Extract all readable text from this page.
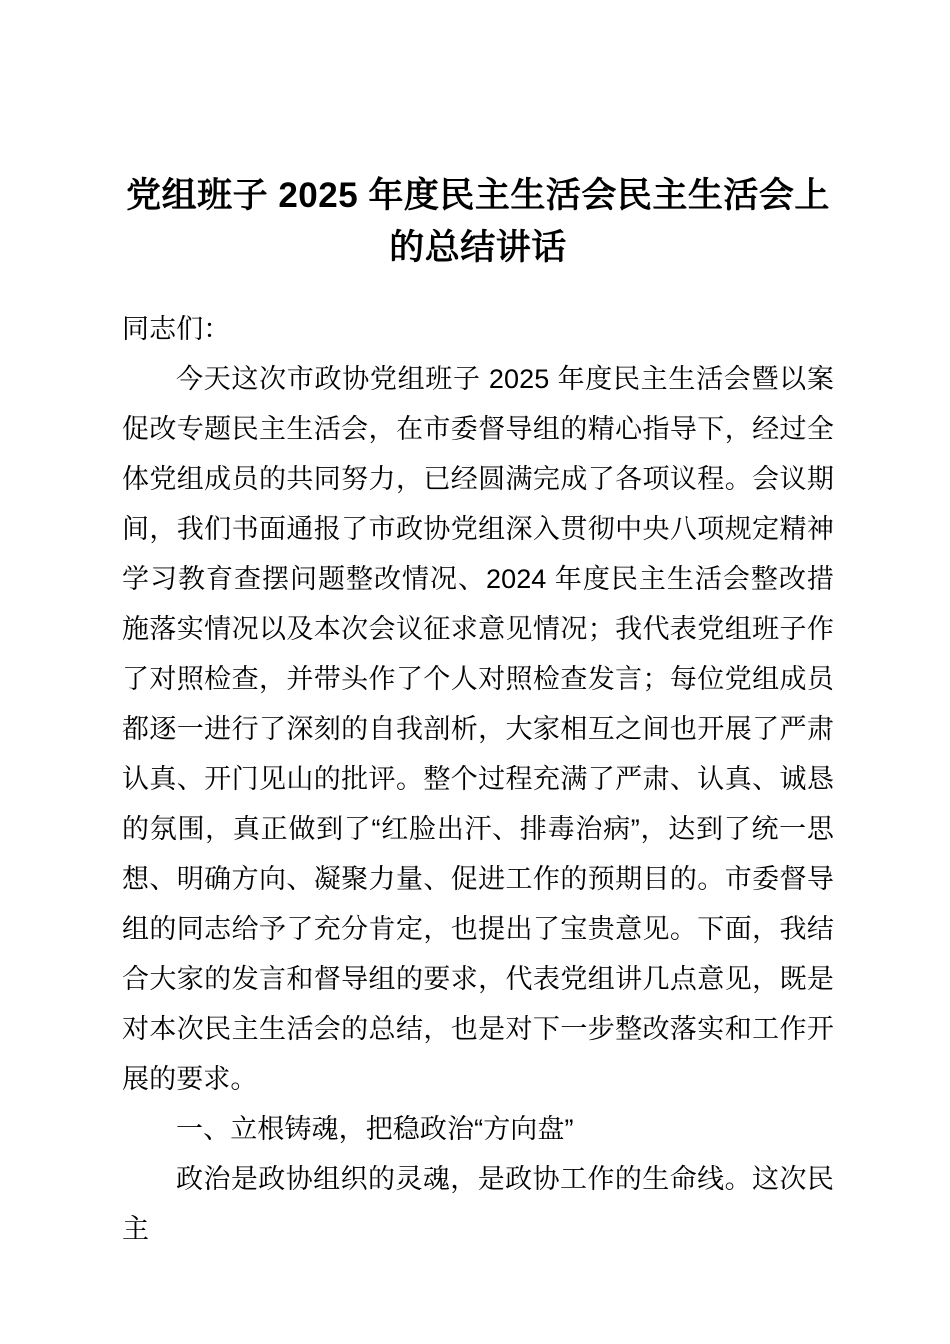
党组班子 2025 年度民主生活会民主生活会上的总结讲话

同志们：

今天这次市政协党组班子 2025 年度民主生活会暨以案促改专题民主生活会，在市委督导组的精心指导下，经过全体党组成员的共同努力，已经圆满完成了各项议程。会议期间，我们书面通报了市政协党组深入贯彻中央八项规定精神学习教育查摆问题整改情况、2024 年度民主生活会整改措施落实情况以及本次会议征求意见情况；我代表党组班子作了对照检查，并带头作了个人对照检查发言；每位党组成员都逐一进行了深刻的自我剖析，大家相互之间也开展了严肃认真、开门见山的批评。整个过程充满了严肃、认真、诚恳的氛围，真正做到了“红脸出汗、排毒治病”，达到了统一思想、明确方向、凝聚力量、促进工作的预期目的。市委督导组的同志给予了充分肯定，也提出了宝贵意见。下面，我结合大家的发言和督导组的要求，代表党组讲几点意见，既是对本次民主生活会的总结，也是对下一步整改落实和工作开展的要求。

一、立根铸魂，把稳政治“方向盘”

政治是政协组织的灵魂，是政协工作的生命线。这次民主
